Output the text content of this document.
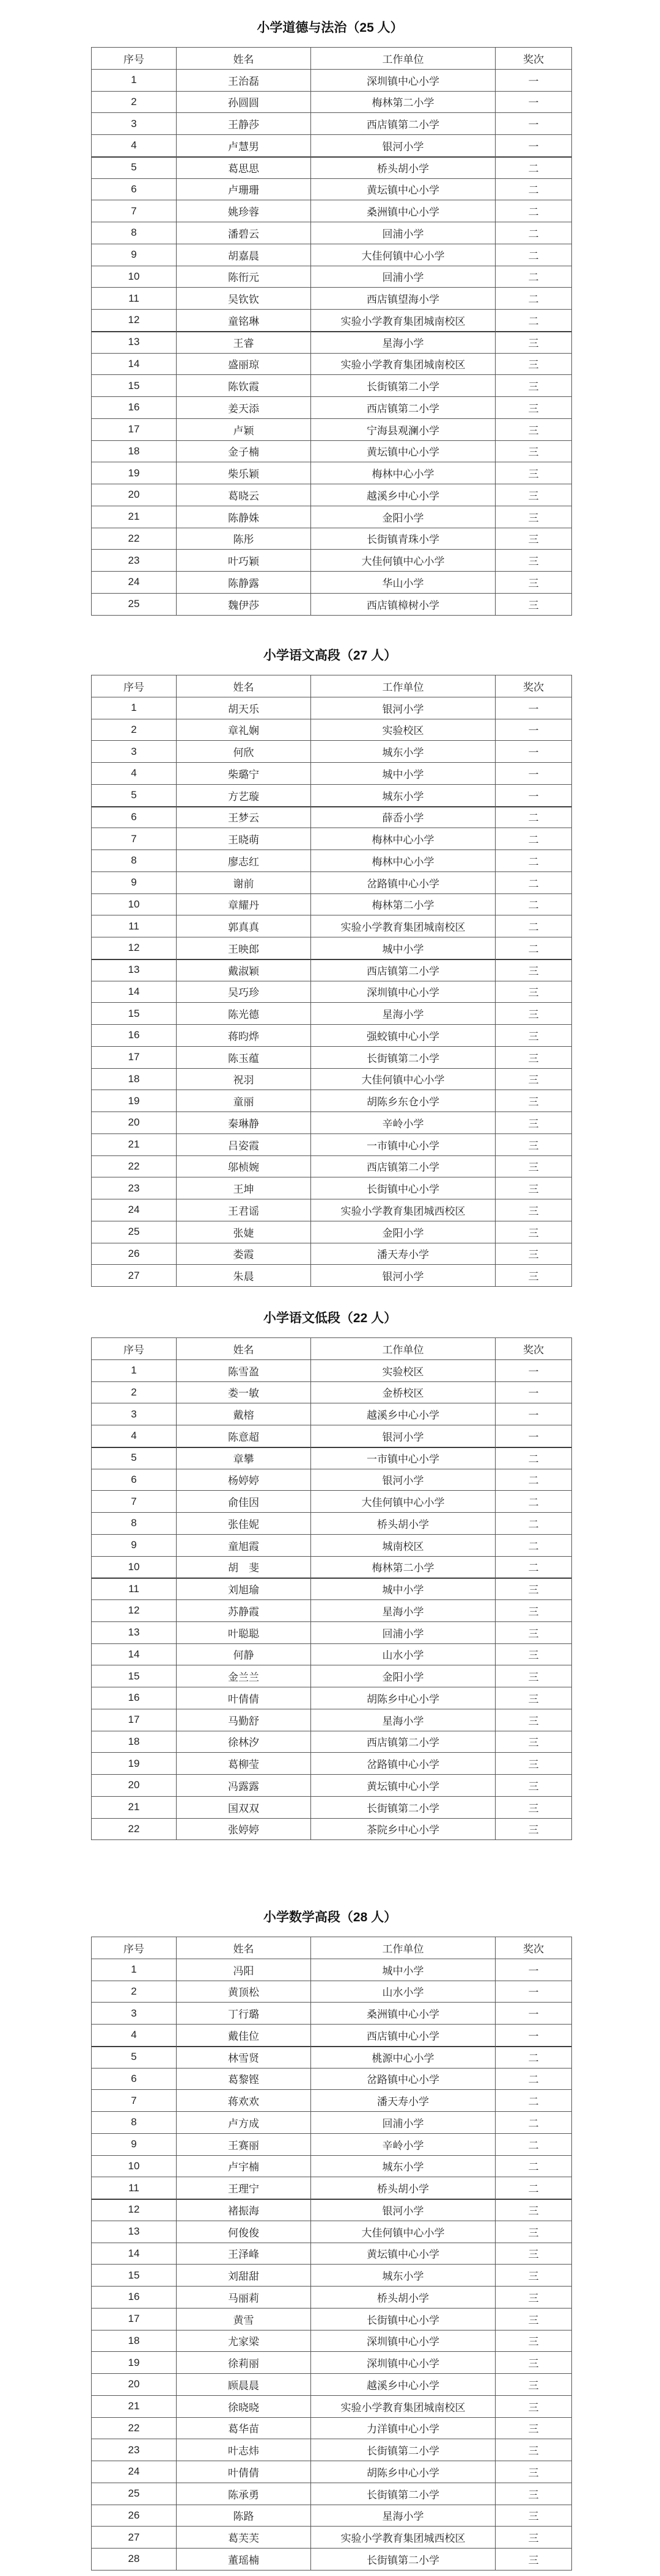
小学道德与法治（25 人）
序号	姓名	工作单位	奖次
1	王治磊	深圳镇中心小学	一
2	孙圆圆	梅林第二小学	一
3	王静莎	西店镇第二小学	一
4	卢慧男	银河小学	一
5	葛思思	桥头胡小学	二
6	卢珊珊	黄坛镇中心小学	二
7	姚珍蓉	桑洲镇中心小学	二
8	潘碧云	回浦小学	二
9	胡嘉晨	大佳何镇中心小学	二
10	陈衎元	回浦小学	二
11	吴钦钦	西店镇望海小学	二
12	童铭琳	实验小学教育集团城南校区	二
13	王睿	星海小学	三
14	盛丽琼	实验小学教育集团城南校区	三
15	陈钦霞	长街镇第二小学	三
16	姜天添	西店镇第二小学	三
17	卢颖	宁海县观澜小学	三
18	金子楠	黄坛镇中心小学	三
19	柴乐颖	梅林中心小学	三
20	葛晓云	越溪乡中心小学	三
21	陈静姝	金阳小学	三
22	陈彤	长街镇青珠小学	三
23	叶巧颖	大佳何镇中心小学	三
24	陈静露	华山小学	三
25	魏伊莎	西店镇樟树小学	三
小学语文高段（27 人）
序号	姓名	工作单位	奖次
1	胡天乐	银河小学	一
2	章礼娴	实验校区	一
3	何欣	城东小学	一
4	柴璐宁	城中小学	一
5	方艺璇	城东小学	一
6	王梦云	薛岙小学	二
7	王晓萌	梅林中心小学	二
8	廖志红	梅林中心小学	二
9	谢前	岔路镇中心小学	二
10	章耀丹	梅林第二小学	二
11	郭真真	实验小学教育集团城南校区	二
12	王映郎	城中小学	二
13	戴淑颖	西店镇第二小学	三
14	吴巧珍	深圳镇中心小学	三
15	陈光德	星海小学	三
16	蒋昀烨	强蛟镇中心小学	三
17	陈玉蕴	长街镇第二小学	三
18	祝羽	大佳何镇中心小学	三
19	童丽	胡陈乡东仓小学	三
20	秦琳静	辛岭小学	三
21	吕姿霞	一市镇中心小学	三
22	邬桢婉	西店镇第二小学	三
23	王坤	长街镇中心小学	三
24	王君谣	实验小学教育集团城西校区	三
25	张婕	金阳小学	三
26	娄霞	潘天寿小学	三
27	朱晨	银河小学	三
小学语文低段（22 人）
序号	姓名	工作单位	奖次
1	陈雪盈	实验校区	一
2	娄一敏	金桥校区	一
3	戴榕	越溪乡中心小学	一
4	陈意超	银河小学	一
5	章攀	一市镇中心小学	二
6	杨婷婷	银河小学	二
7	俞佳因	大佳何镇中心小学	二
8	张佳妮	桥头胡小学	二
9	童旭霞	城南校区	二
10	胡　斐	梅林第二小学	二
11	刘旭瑜	城中小学	三
12	苏静霞	星海小学	三
13	叶聪聪	回浦小学	三
14	何静	山水小学	三
15	金兰兰	金阳小学	三
16	叶倩倩	胡陈乡中心小学	三
17	马勤舒	星海小学	三
18	徐林汐	西店镇第二小学	三
19	葛柳莹	岔路镇中心小学	三
20	冯露露	黄坛镇中心小学	三
21	国双双	长街镇第二小学	三
22	张婷婷	茶院乡中心小学	三
小学数学高段（28 人）
序号	姓名	工作单位	奖次
1	冯阳	城中小学	一
2	黄顶松	山水小学	一
3	丁行璐	桑洲镇中心小学	一
4	戴佳位	西店镇中心小学	一
5	林雪贤	桃源中心小学	二
6	葛黎铿	岔路镇中心小学	二
7	蒋欢欢	潘天寿小学	二
8	卢方成	回浦小学	二
9	王赛丽	辛岭小学	二
10	卢宇楠	城东小学	二
11	王理宁	桥头胡小学	二
12	褚振海	银河小学	三
13	何俊俊	大佳何镇中心小学	三
14	王泽峰	黄坛镇中心小学	三
15	刘甜甜	城东小学	三
16	马丽莉	桥头胡小学	三
17	黄雪	长街镇中心小学	三
18	尤家梁	深圳镇中心小学	三
19	徐莉丽	深圳镇中心小学	三
20	顾晨晨	越溪乡中心小学	三
21	徐晓晓	实验小学教育集团城南校区	三
22	葛华苗	力洋镇中心小学	三
23	叶志炜	长街镇第二小学	三
24	叶倩倩	胡陈乡中心小学	三
25	陈承勇	长街镇第二小学	三
26	陈路	星海小学	三
27	葛芙芙	实验小学教育集团城西校区	三
28	董瑶楠	长街镇第二小学	三
